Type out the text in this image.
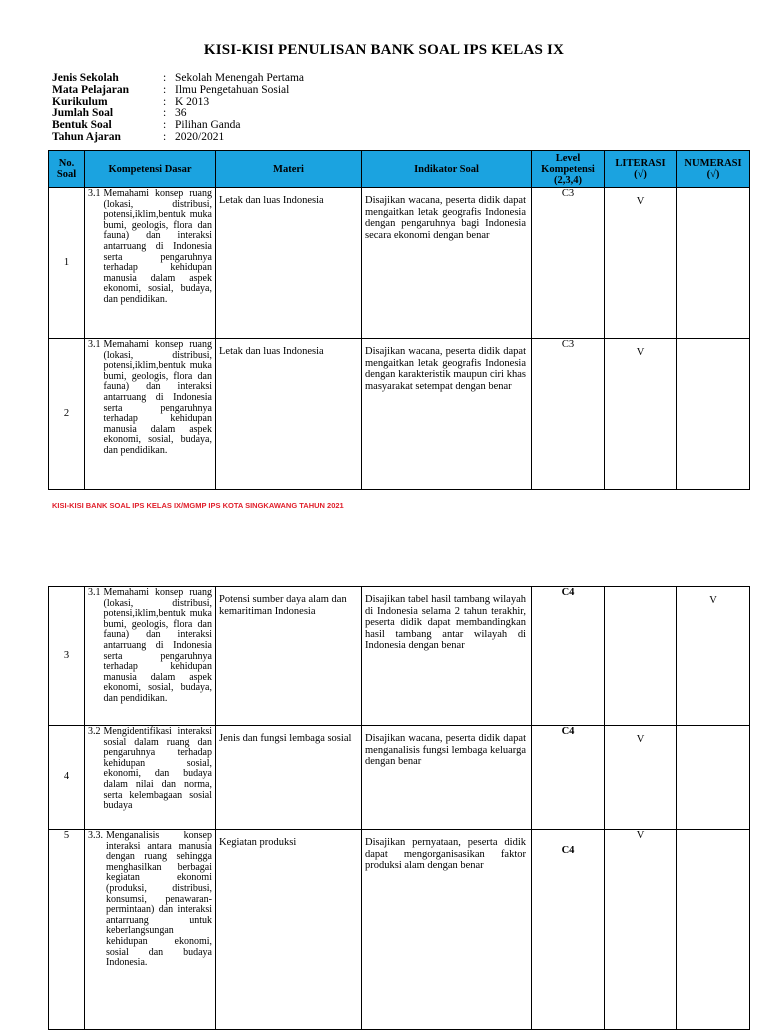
KISI-KISI PENULISAN BANK SOAL IPS KELAS IX
Jenis Sekolah	: Sekolah Menengah Pertama
Mata Pelajaran	: Ilmu Pengetahuan Sosial
Kurikulum	: K 2013
Jumlah Soal	: 36
Bentuk Soal	: Pilihan Ganda
Tahun Ajaran	: 2020/2021
No. Soal	Kompetensi Dasar	Materi	Indikator Soal	Level Kompetensi (2,3,4)	LITERASI (√)	NUMERASI (√)
1	3.1 Memahami konsep ruang (lokasi, distribusi, potensi,iklim,bentuk muka bumi, geologis, flora dan fauna) dan interaksi antarruang di Indonesia serta pengaruhnya terhadap kehidupan manusia dalam aspek ekonomi, sosial, budaya, dan pendidikan.	Letak dan luas Indonesia	Disajikan wacana, peserta didik dapat mengaitkan letak geografis Indonesia dengan pengaruhnya bagi Indonesia secara ekonomi dengan benar	C3	V	
2	3.1 Memahami konsep ruang (lokasi, distribusi, potensi,iklim,bentuk muka bumi, geologis, flora dan fauna) dan interaksi antarruang di Indonesia serta pengaruhnya terhadap kehidupan manusia dalam aspek ekonomi, sosial, budaya, dan pendidikan.	Letak dan luas Indonesia	Disajikan wacana, peserta didik dapat mengaitkan letak geografis Indonesia dengan karakteristik maupun ciri khas masyarakat setempat dengan benar	C3	V	
KISI-KISI BANK SOAL IPS KELAS IX/MGMP IPS KOTA SINGKAWANG TAHUN 2021
3	3.1 Memahami konsep ruang (lokasi, distribusi, potensi,iklim,bentuk muka bumi, geologis, flora dan fauna) dan interaksi antarruang di Indonesia serta pengaruhnya terhadap kehidupan manusia dalam aspek ekonomi, sosial, budaya, dan pendidikan.	Potensi sumber daya alam dan kemaritiman Indonesia	Disajikan tabel hasil tambang wilayah di Indonesia selama 2 tahun terakhir, peserta didik dapat membandingkan hasil tambang antar wilayah di Indonesia dengan benar	C4		V
4	3.2 Mengidentifikasi interaksi sosial dalam ruang dan pengaruhnya terhadap kehidupan sosial, ekonomi, dan budaya dalam nilai dan norma, serta kelembagaan sosial budaya	Jenis dan fungsi lembaga sosial	Disajikan wacana, peserta didik dapat menganalisis fungsi lembaga keluarga dengan benar	C4	V	
5	3.3. Menganalisis konsep interaksi antara manusia dengan ruang sehingga menghasilkan berbagai kegiatan ekonomi (produksi, distribusi, konsumsi, penawaran-permintaan) dan interaksi antarruang untuk keberlangsungan kehidupan ekonomi, sosial dan budaya Indonesia.	Kegiatan produksi	Disajikan pernyataan, peserta didik dapat mengorganisasikan faktor produksi alam dengan benar	C4	V	
